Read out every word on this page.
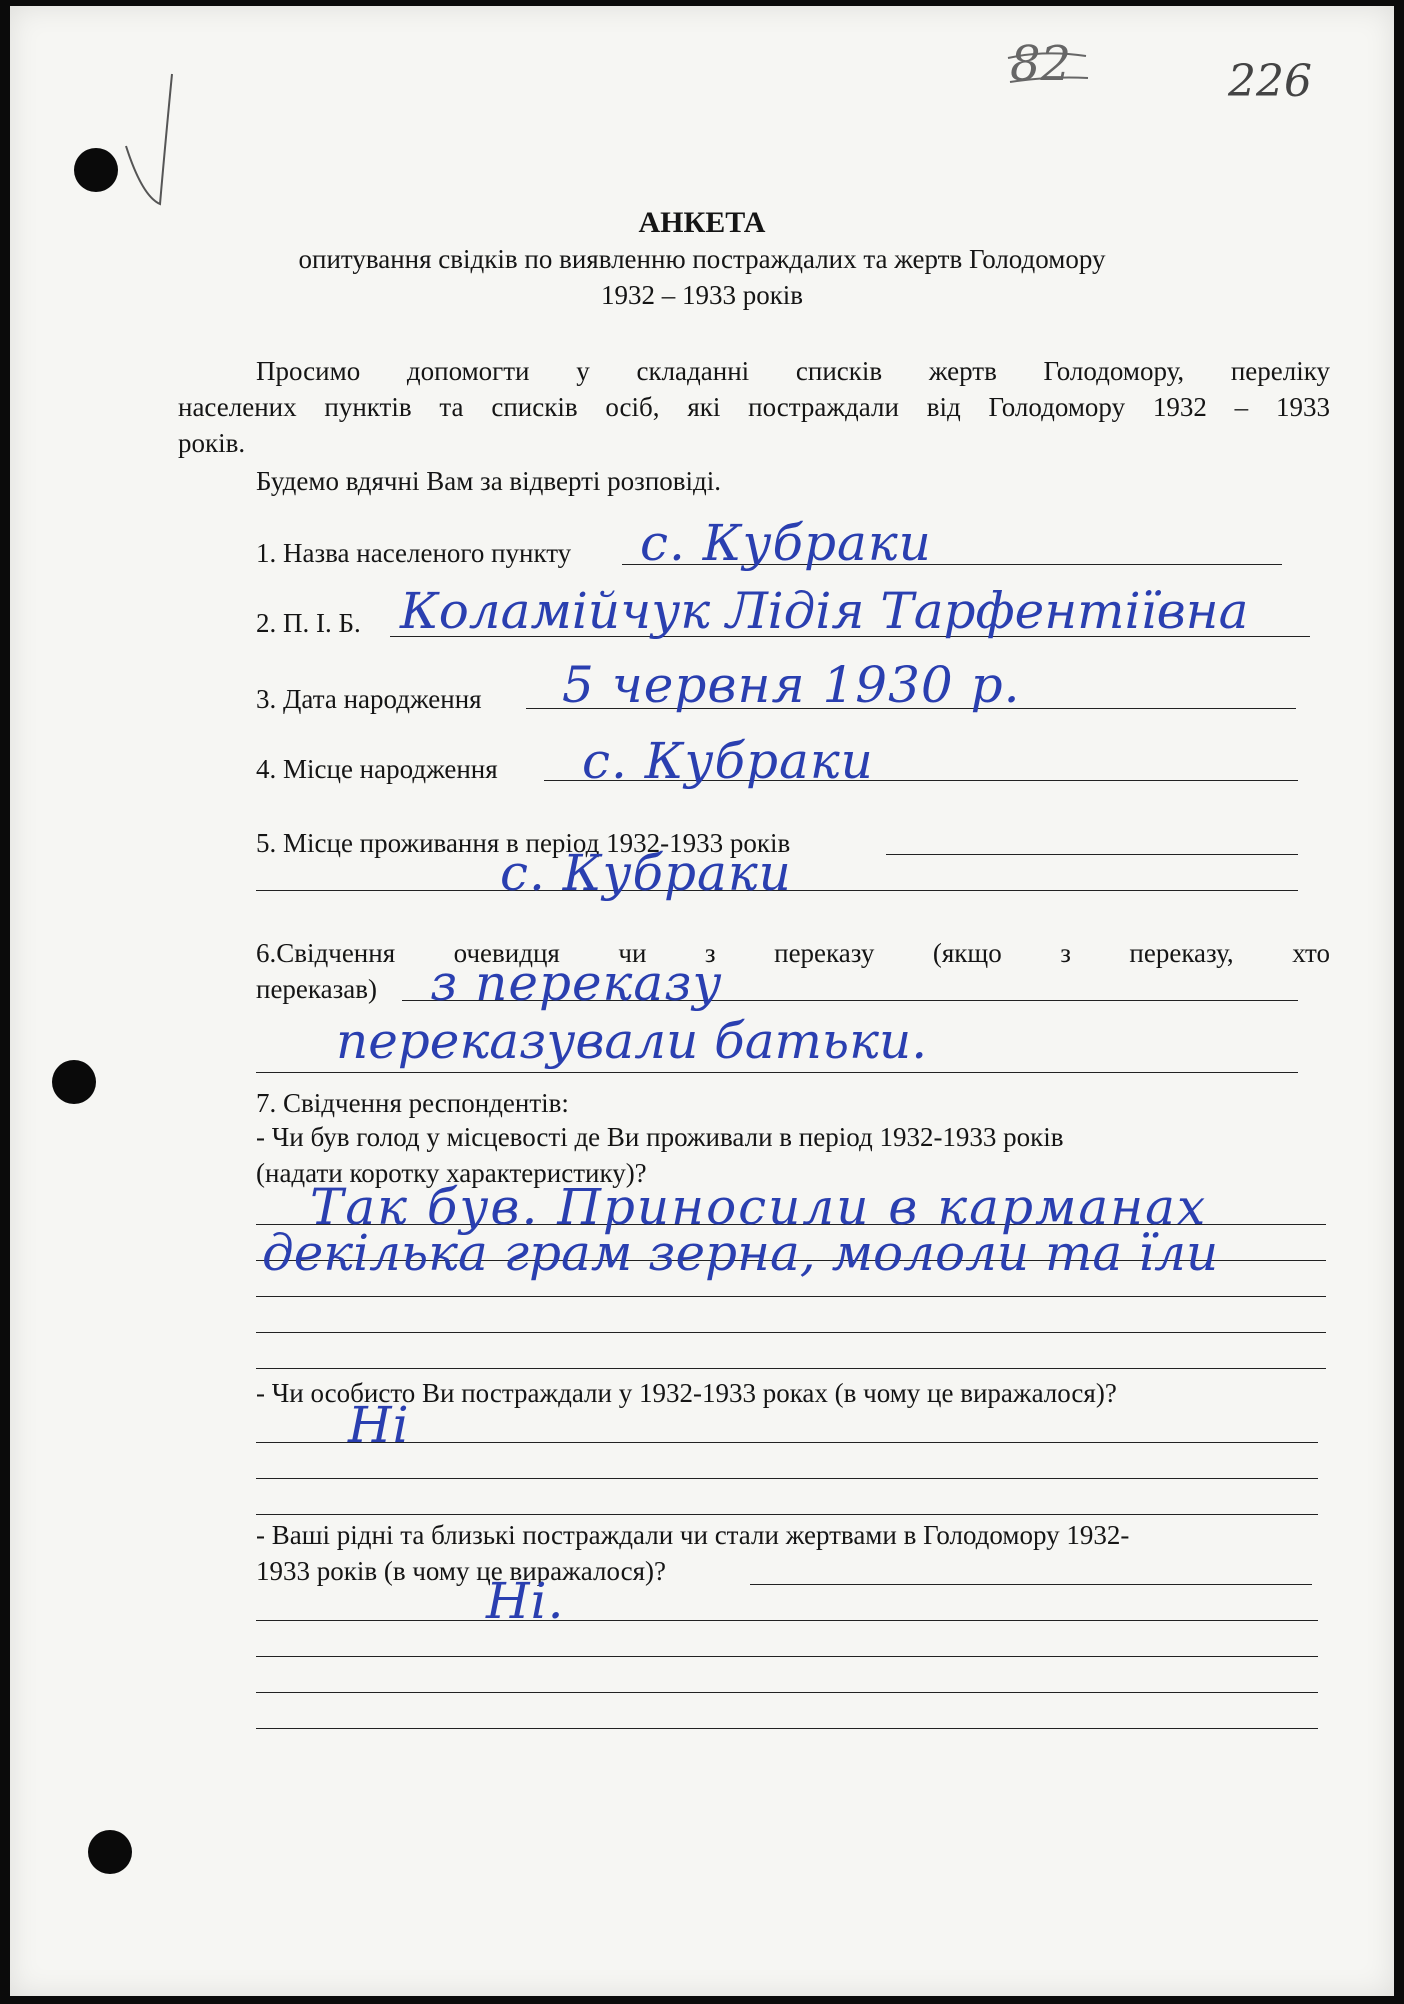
82	226
АНКЕТА
опитування свідків по виявленню постраждалих та жертв Голодомору
1932 – 1933 років
Просимо допомогти у складанні списків жертв Голодомору, переліку
населених пунктів та списків осіб, які постраждали від Голодомору 1932 – 1933
років.
Будемо вдячні Вам за відверті розповіді.
1. Назва населеного пункту с. Кубраки
2. П. І. Б. Коламійчук Лідія Тарфентіївна
3. Дата народження 5 червня 1930 р.
4. Місце народження с. Кубраки
5. Місце проживання в період 1932-1933 років
с. Кубраки
6.Свідчення очевидця чи з переказу (якщо з переказу, хто
переказав) з переказу
переказували батьки.
7. Свідчення респондентів:
- Чи був голод у місцевості де Ви проживали в період 1932-1933 років
(надати коротку характеристику)?
Так був. Приносили в карманах
декілька грам зерна, мололи та їли
- Чи особисто Ви постраждали у 1932-1933 роках (в чому це виражалося)?
Ні
- Ваші рідні та близькі постраждали чи стали жертвами в Голодомору 1932-
1933 років (в чому це виражалося)?
Ні.
